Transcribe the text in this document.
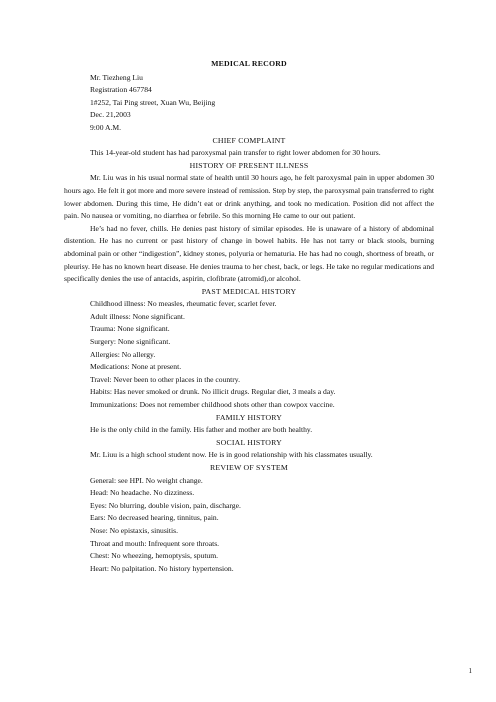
MEDICAL RECORD
Mr. Tiezheng Liu
Registration 467784
1#252, Tai Ping street, Xuan Wu, Beijing
Dec. 21,2003
9:00 A.M.
CHIEF COMPLAINT
This 14-year-old student has had paroxysmal pain transfer to right lower abdomen for 30 hours.
HISTORY OF PRESENT ILLNESS
Mr. Liu was in his usual normal state of health until 30 hours ago, he felt paroxysmal pain in upper abdomen 30 hours ago. He felt it got more and more severe instead of remission. Step by step, the paroxysmal pain transferred to right lower abdomen. During this time, He didn’t eat or drink anything, and took no medication. Position did not affect the pain. No nausea or vomiting, no diarrhea or febrile. So this morning He came to our out patient.
He’s had no fever, chills. He denies past history of similar episodes. He is unaware of a history of abdominal distention. He has no current or past history of change in bowel habits. He has not tarry or black stools, burning abdominal pain or other “indigestion”, kidney stones, polyuria or hematuria. He has had no cough, shortness of breath, or pleurisy. He has no known heart disease. He denies trauma to her chest, back, or legs. He take no regular medications and specifically denies the use of antacids, aspirin, clofibrate (atromid),or alcohol.
PAST MEDICAL HISTORY
Childhood illness: No measles, rheumatic fever, scarlet fever.
Adult illness: None significant.
Trauma: None significant.
Surgery: None significant.
Allergies: No allergy.
Medications: None at present.
Travel: Never been to other places in the country.
Habits: Has never smoked or drunk. No illicit drugs. Regular diet, 3 meals a day.
Immunizations: Does not remember childhood shots other than cowpox vaccine.
FAMILY HISTORY
He is the only child in the family. His father and mother are both healthy.
SOCIAL HISTORY
Mr. Liuu is a high school student now. He is in good relationship with his classmates usually.
REVIEW OF SYSTEM
General: see HPI. No weight change.
Head: No headache. No dizziness.
Eyes: No blurring, double vision, pain, discharge.
Ears: No decreased hearing, tinnitus, pain.
Nose: No epistaxis, sinusitis.
Throat and mouth: Infrequent sore throats.
Chest: No wheezing, hemoptysis, sputum.
Heart: No palpitation. No history hypertension.
1
